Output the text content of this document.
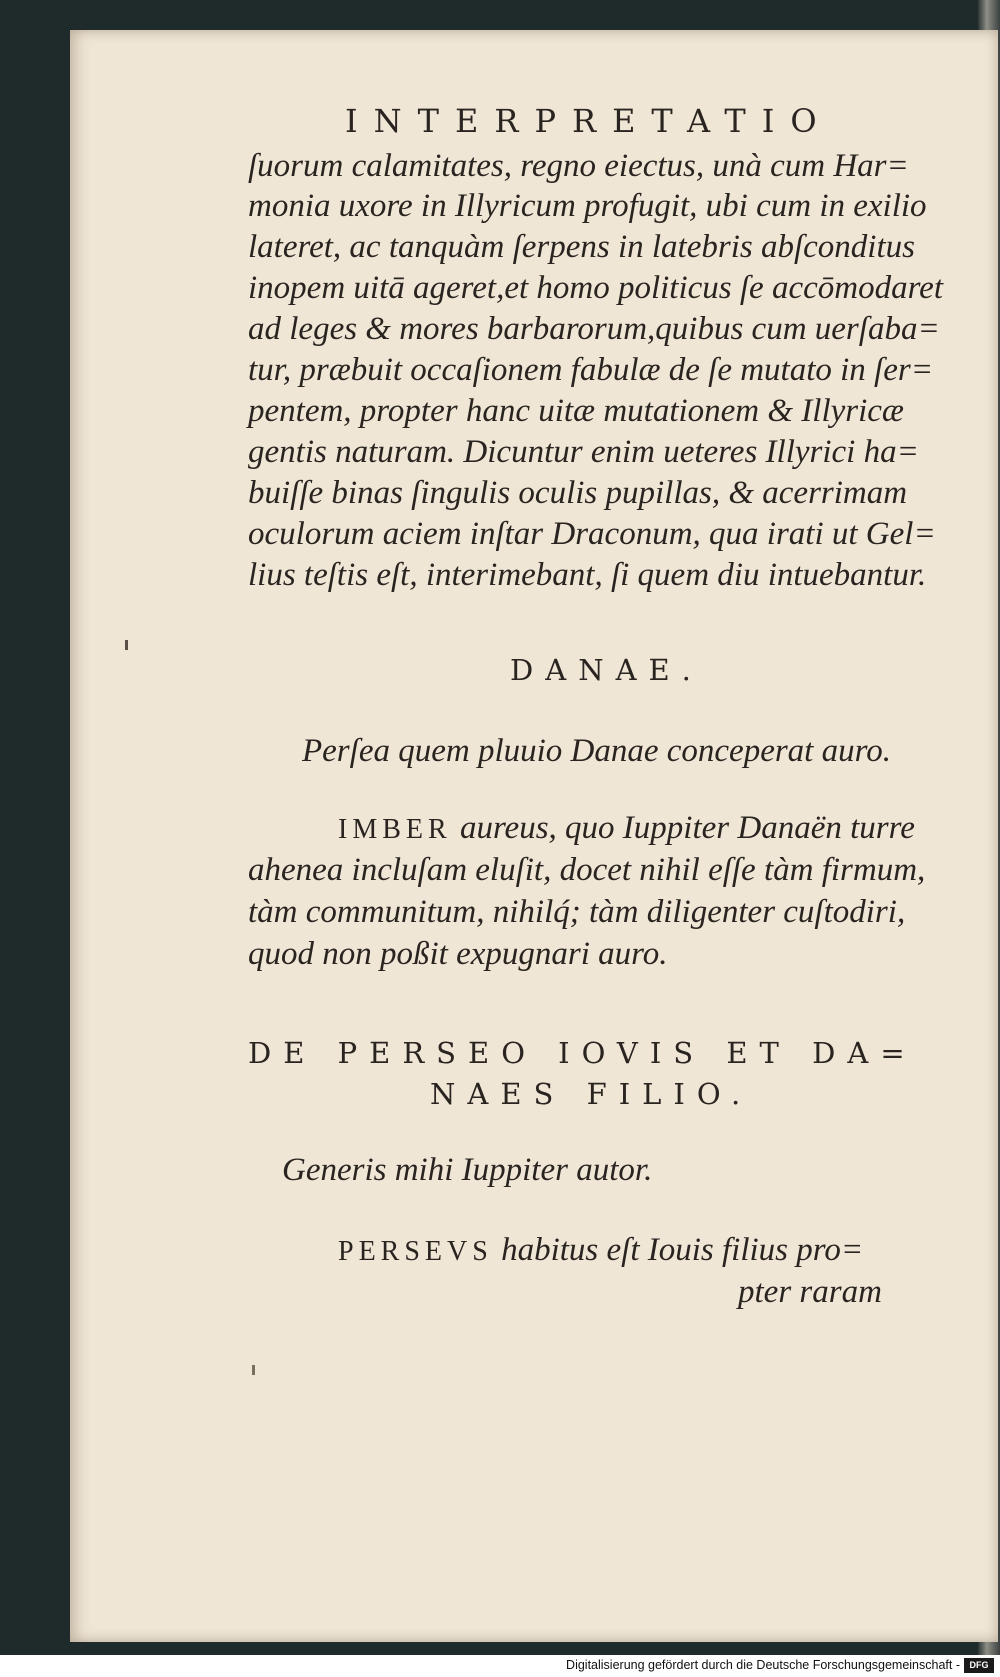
INTERPRETATIO
ſuorum calamitates, regno eiectus, unà cum Har=
monia uxore in Illyricum profugit, ubi cum in exilio
lateret, ac tanquàm ſerpens in latebris abſconditus
inopem uitā ageret,et homo politicus ſe accōmodaret
ad leges & mores barbarorum,quibus cum uerſaba=
tur, præbuit occaſionem fabulæ de ſe mutato in ſer=
pentem, propter hanc uitæ mutationem & Illyricæ
gentis naturam. Dicuntur enim ueteres Illyrici ha=
buiſſe binas ſingulis oculis pupillas, & acerrimam
oculorum aciem inſtar Draconum, qua irati ut Gel=
lius teſtis eſt, interimebant, ſi quem diu intuebantur.
DANAE.
Perſea quem pluuio Danae conceperat auro.
IMBER aureus, quo Iuppiter Danaën turre
ahenea incluſam eluſit, docet nihil eſſe tàm firmum,
tàm communitum, nihilq́; tàm diligenter cuſtodiri,
quod non poßit expugnari auro.
DE PERSEO IOVIS ET DA=
NAES FILIO.
Generis mihi Iuppiter autor.
PERSEVS habitus eſt Iouis filius pro=
pter raram
Digitalisierung gefördert durch die Deutsche Forschungsgemeinschaft -	DFG
